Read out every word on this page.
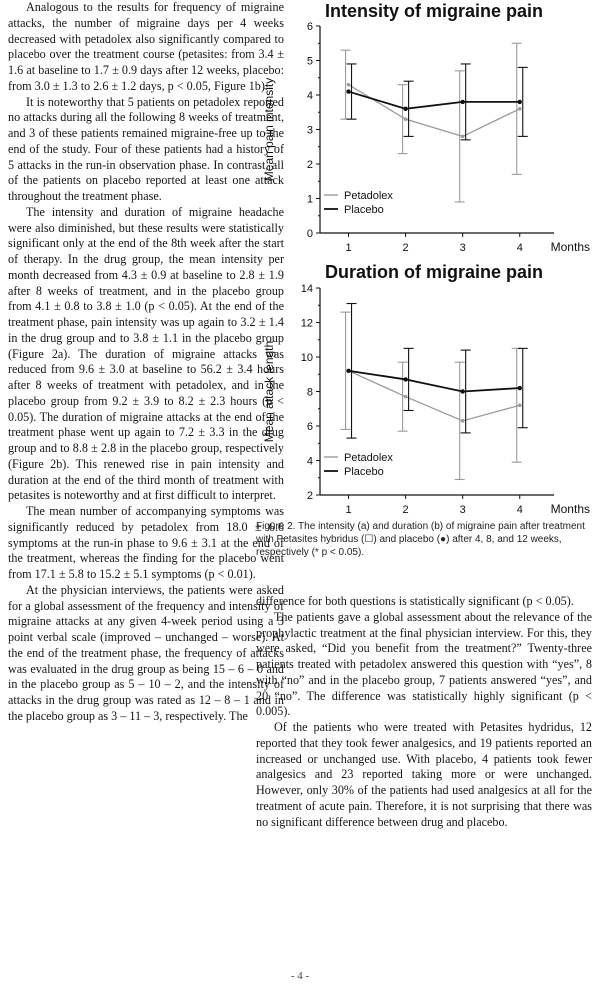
Analogous to the results for frequency of migraine attacks, the number of migraine days per 4 weeks decreased with petadolex also significantly compared to placebo over the treatment course (petasites: from 3.4 ± 1.6 at baseline to 1.7 ± 0.9 days after 12 weeks, placebo: from 3.0 ± 1.3 to 2.6 ± 1.2 days, p < 0.05, Figure 1b).

It is noteworthy that 5 patients on petadolex reported no attacks during all the following 8 weeks of treatment, and 3 of these patients remained migraine-free up to the end of the study. Four of these patients had a history of 5 attacks in the run-in observation phase. In contrast, all of the patients on placebo reported at least one attack throughout the treatment phase.

The intensity and duration of migraine headache were also diminished, but these results were statistically significant only at the end of the 8th week after the start of therapy. In the drug group, the mean intensity per month decreased from 4.3 ± 0.9 at baseline to 2.8 ± 1.9 after 8 weeks of treatment, and in the placebo group from 4.1 ± 0.8 to 3.8 ± 1.0 (p < 0.05). At the end of the treatment phase, pain intensity was up again to 3.2 ± 1.4 in the drug group and to 3.8 ± 1.1 in the placebo group (Figure 2a). The duration of migraine attacks was reduced from 9.6 ± 3.0 at baseline to 56.2 ± 3.4 hours after 8 weeks of treatment with petadolex, and in the placebo group from 9.2 ± 3.9 to 8.2 ± 2.3 hours (p < 0.05). The duration of migraine attacks at the end of the treatment phase went up again to 7.2 ± 3.3 in the drug group and to 8.8 ± 2.8 in the placebo group, respectively (Figure 2b). This renewed rise in pain intensity and duration at the end of the third month of treatment with petasites is noteworthy and at first difficult to interpret.

The mean number of accompanying symptoms was significantly reduced by petadolex from 18.0 ± 6.6 symptoms at the run-in phase to 9.6 ± 3.1 at the end of the treatment, whereas the finding for the placebo went from 17.1 ± 5.8 to 15.2 ± 5.1 symptoms (p < 0.01).

At the physician interviews, the patients were asked for a global assessment of the frequency and intensity of migraine attacks at any given 4-week period using a 3 point verbal scale (improved – unchanged – worse). At the end of the treatment phase, the frequency of attacks was evaluated in the drug group as being 15 – 6 – 0 and in the placebo group as 5 – 10 – 2, and the intensity of attacks in the drug group was rated as 12 – 8 – 1 and in the placebo group as 3 – 11 – 3, respectively. The

Intensity of migraine pain
0
1
2
3
4
5
6
1	2	3	4 Months
Mean pain intensity
Petadolex
Placebo
Duration of migraine pain
2
4
6
8
10
12
14
1	2	3	4 Months
Mean attack length
Petadolex
Placebo
Figure 2. The intensity (a) and duration (b) of migraine pain after treatment with Petasites hybridus (☐) and placebo (●) after 4, 8, and 12 weeks, respectively (* p < 0.05).

difference for both questions is statistically significant (p < 0.05).

The patients gave a global assessment about the relevance of the prophylactic treatment at the final physician interview. For this, they were asked, “Did you benefit from the treatment?” Twenty-three patients treated with petadolex answered this question with “yes”, 8 with “no” and in the placebo group, 7 patients answered “yes”, and 20 “no”. The difference was statistically highly significant (p < 0.005).

Of the patients who were treated with Petasites hydridus, 12 reported that they took fewer analgesics, and 19 patients reported an increased or unchanged use. With placebo, 4 patients took fewer analgesics and 23 reported taking more or were unchanged. However, only 30% of the patients had used analgesics at all for the treatment of acute pain. Therefore, it is not surprising that there was no significant difference between drug and placebo.

- 4 -
